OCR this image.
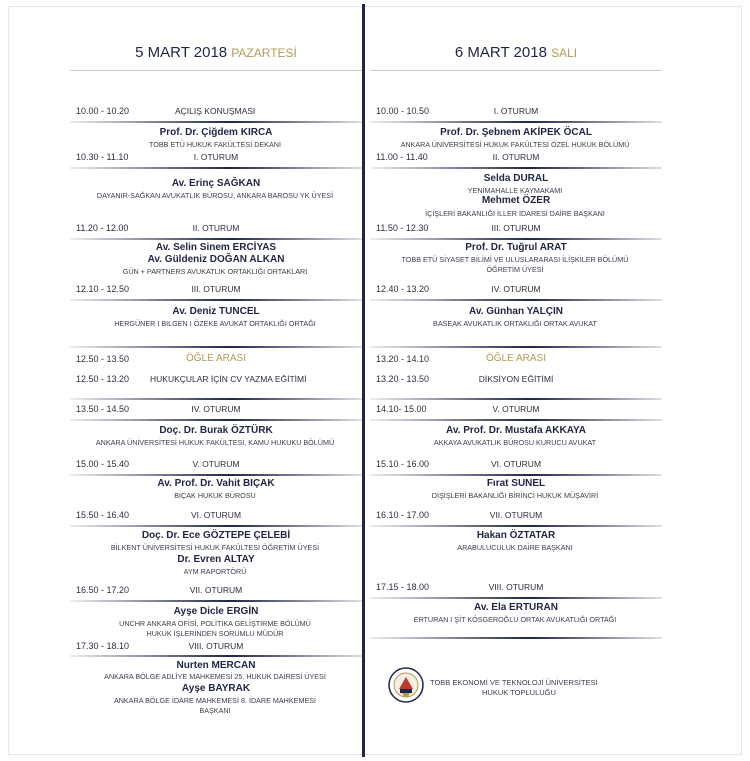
5 MART 2018 PAZARTESİ
10.00 - 10.20	AÇILIŞ KONUŞMASI
Prof. Dr. Çiğdem KIRCA
TOBB ETÜ HUKUK FAKÜLTESİ DEKANI
10.30 - 11.10	I. OTURUM
Av. Erinç SAĞKAN
DAYANIR-SAĞKAN AVUKATLIK BÜROSU, ANKARA BAROSU YK ÜYESİ
11.20 - 12.00	II. OTURUM
Av. Selin Sinem ERCİYAS
Av. Güldeniz DOĞAN ALKAN
GÜN + PARTNERS AVUKATLIK ORTAKLIĞI ORTAKLARI
12.10 - 12.50	III. OTURUM
Av. Deniz TUNCEL
HERGÜNER I BILGEN I ÖZEKE AVUKAT ORTAKLIĞI ORTAĞI
12.50 - 13.50	ÖĞLE ARASI
12.50 - 13.20 HUKUKÇULAR İÇİN CV YAZMA EĞİTİMİ
13.50 - 14.50	IV. OTURUM
Doç. Dr. Burak ÖZTÜRK
ANKARA ÜNİVERSİTESİ HUKUK FAKÜLTESİ, KAMU HUKUKU BÖLÜMÜ
15.00 - 15.40	V. OTURUM
Av. Prof. Dr. Vahit BIÇAK
BIÇAK HUKUK BÜROSU
15.50 - 16.40	VI. OTURUM
Doç. Dr. Ece GÖZTEPE ÇELEBİ
BİLKENT ÜNİVERSİTESİ HUKUK FAKÜLTESİ ÖĞRETİM ÜYESİ
Dr. Evren ALTAY
AYM RAPORTÖRÜ
16.50 - 17.20	VII. OTURUM
Ayşe Dicle ERGİN
UNCHR ANKARA OFİSİ, POLİTİKA GELİŞTİRME BÖLÜMÜ
HUKUK İŞLERİNDEN SORUMLU MÜDÜR
17.30 - 18.10	VIII. OTURUM
Nurten MERCAN
ANKARA BÖLGE ADLİYE MAHKEMESİ 25. HUKUK DAİRESİ ÜYESİ
Ayşe BAYRAK
ANKARA BÖLGE İDARE MAHKEMESİ 8. İDARE MAHKEMESİ
BAŞKANI
6 MART 2018 SALI
10.00 - 10.50	I. OTURUM
Prof. Dr. Şebnem AKİPEK ÖCAL
ANKARA ÜNİVERSİTESİ HUKUK FAKÜLTESİ ÖZEL HUKUK BÖLÜMÜ
11.00 - 11.40	II. OTURUM
Selda DURAL
YENİMAHALLE KAYMAKAMI
Mehmet ÖZER
İÇİŞLERİ BAKANLIĞI İLLER İDARESİ DAİRE BAŞKANI
11.50 - 12.30	III. OTURUM
Prof. Dr. Tuğrul ARAT
TOBB ETÜ SİYASET BİLİMİ VE ULUSLARARASI İLİŞKİLER BÖLÜMÜ
ÖĞRETİM ÜYESİ
12.40 - 13.20	IV. OTURUM
Av. Günhan YALÇIN
BASEAK AVUKATLIK ORTAKLIĞI ORTAK AVUKAT
13.20 - 14.10	ÖĞLE ARASI
13.20 - 13.50	DİKSİYON EĞİTİMİ
14.10- 15.00	V. OTURUM
Av. Prof. Dr. Mustafa AKKAYA
AKKAYA AVUKATLIK BÜROSU KURUCU AVUKAT
15.10 - 16.00	VI. OTURUM
Fırat SUNEL
DIŞİŞLERİ BAKANLIĞI BİRİNCİ HUKUK MÜŞAVİRİ
16.10 - 17.00	VII. OTURUM
Hakan ÖZTATAR
ARABULUCULUK DAİRE BAŞKANI
17.15 - 18.00	VIII. OTURUM
Av. Ela ERTURAN
ERTURAN I ŞİT KÖSGEROĞLU ORTAK AVUKATLIĞI ORTAĞI
TOBB EKONOMİ VE TEKNOLOJİ ÜNİVERSİTESİ
HUKUK TOPLULUĞU
